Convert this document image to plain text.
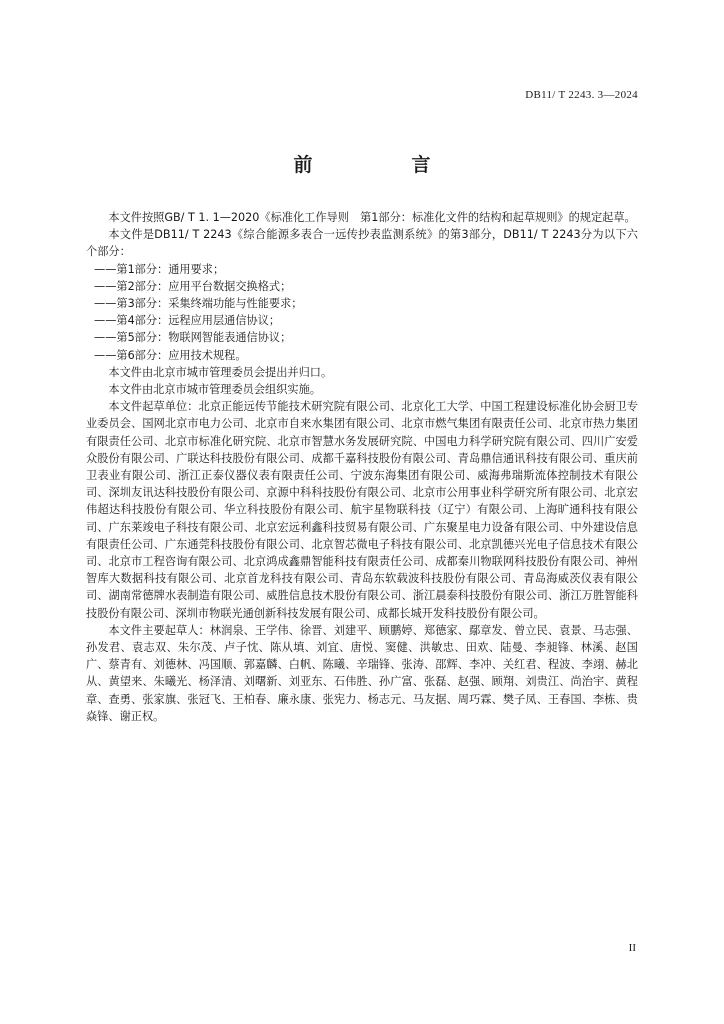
DB11/ T 2243. 3—2024
前　言

本文件按照GB/ T 1. 1—2020《标准化工作导则　第1部分：标准化文件的结构和起草规则》的规定起草。

本文件是DB11/ T 2243《综合能源多表合一远传抄表监测系统》的第3部分，DB11/ T 2243分为以下六个部分：

——第1部分：通用要求；

——第2部分：应用平台数据交换格式；

——第3部分：采集终端功能与性能要求；

——第4部分：远程应用层通信协议；

——第5部分：物联网智能表通信协议；

——第6部分：应用技术规程。

本文件由北京市城市管理委员会提出并归口。

本文件由北京市城市管理委员会组织实施。

本文件起草单位：北京正能远传节能技术研究院有限公司、北京化工大学、中国工程建设标准化协会厨卫专业委员会、国网北京市电力公司、北京市自来水集团有限公司、北京市燃气集团有限责任公司、北京市热力集团有限责任公司、北京市标准化研究院、北京市智慧水务发展研究院、中国电力科学研究院有限公司、四川广安爱众股份有限公司、广联达科技股份有限公司、成都千嘉科技股份有限公司、青岛鼎信通讯科技有限公司、重庆前卫表业有限公司、浙江正泰仪器仪表有限责任公司、宁波东海集团有限公司、威海弗瑞斯流体控制技术有限公司、深圳友讯达科技股份有限公司、京源中科科技股份有限公司、北京市公用事业科学研究所有限公司、北京宏伟超达科技股份有限公司、华立科技股份有限公司、航宇星物联科技（辽宁）有限公司、上海旷通科技有限公司、广东莱竣电子科技有限公司、北京宏远利鑫科技贸易有限公司、广东聚星电力设备有限公司、中外建设信息有限责任公司、广东通莞科技股份有限公司、北京智芯微电子科技有限公司、北京凯德兴光电子信息技术有限公司、北京市工程咨询有限公司、北京鸿成鑫鼎智能科技有限责任公司、成都秦川物联网科技股份有限公司、神州智库大数据科技有限公司、北京首龙科技有限公司、青岛东软载波科技股份有限公司、青岛海威茨仪表有限公司、湖南常德牌水表制造有限公司、威胜信息技术股份有限公司、浙江晨泰科技股份有限公司、浙江万胜智能科技股份有限公司、深圳市物联光通创新科技发展有限公司、成都长城开发科技股份有限公司。

本文件主要起草人：林润泉、王学伟、徐晋、刘建平、顾鹏婷、郑德家、鄢章发、曾立民、袁景、马志强、孙发君、袁志双、朱尔茂、卢子忱、陈从填、刘宜、唐悦、窦健、洪敏忠、田欢、陆曼、李昶锋、林溪、赵国广、蔡青有、刘德林、冯国顺、郭嘉麟、白帆、陈曦、辛瑞锋、张涛、邵辉、李冲、关红君、程波、李翊、赫北从、黄望来、朱曦光、杨泽清、刘曙新、刘亚东、石伟胜、孙广富、张磊、赵强、顾翔、刘贵江、尚治宇、黄程章、查勇、张家旗、张冠飞、王柏春、廉永康、张宪力、杨志元、马友据、周巧霖、樊子凤、王春国、李栋、贵焱锋、谢正权。

II
